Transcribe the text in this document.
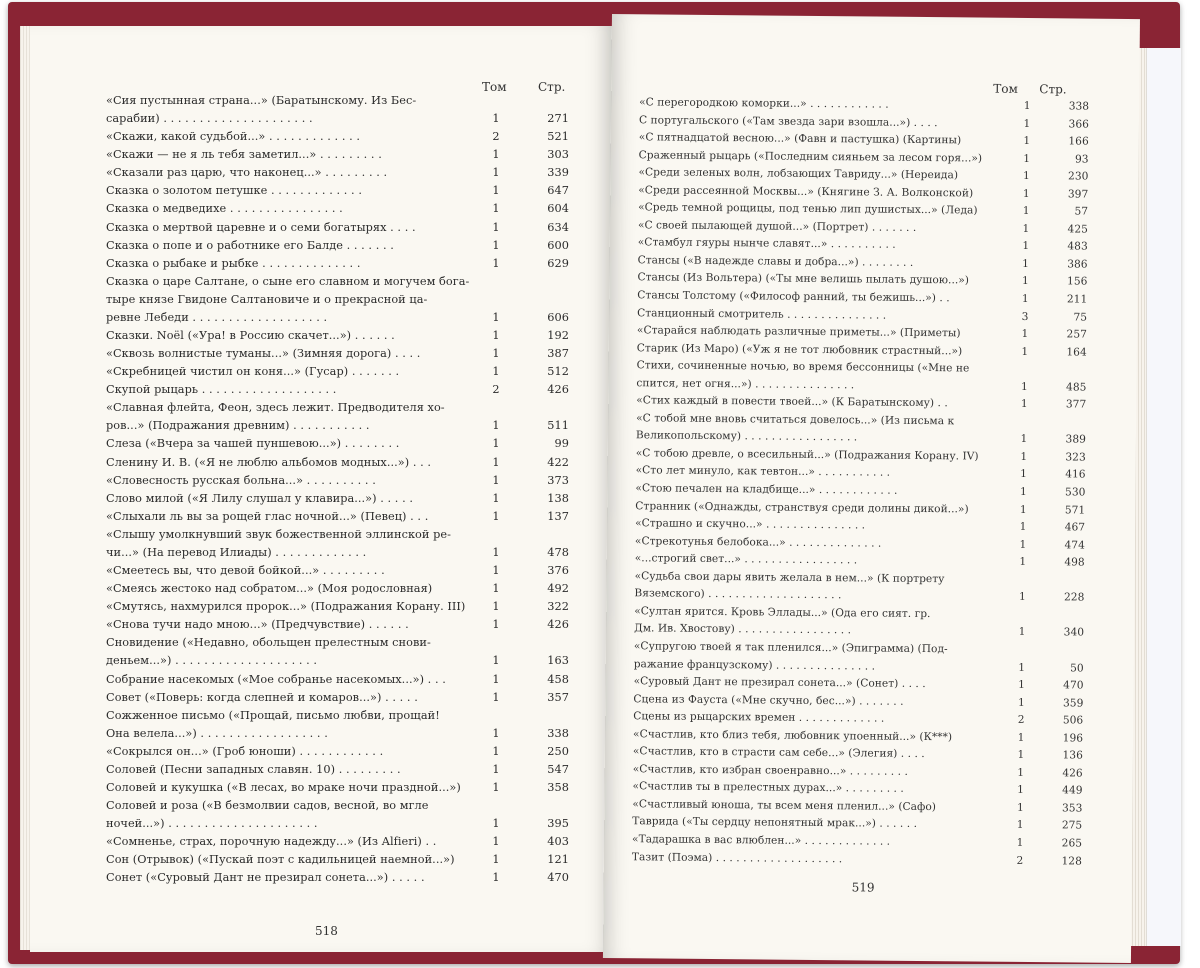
Том	Стр.
«Сия пустынная страна...» (Баратынскому. Из Бес-
сарабии) . . . . . . . . . . . . . . . . . . . . .	1	271
«Скажи, какой судьбой...» . . . . . . . . . . . . .	2	521
«Скажи — не я ль тебя заметил...» . . . . . . . . .	1	303
«Сказали раз царю, что наконец...» . . . . . . . . .	1	339
Сказка о золотом петушке . . . . . . . . . . . . .	1	647
Сказка о медведихе . . . . . . . . . . . . . . . .	1	604
Сказка о мертвой царевне и о семи богатырях . . . .	1	634
Сказка о попе и о работнике его Балде . . . . . . .	1	600
Сказка о рыбаке и рыбке . . . . . . . . . . . . . .	1	629
Сказка о царе Салтане, о сыне его славном и могучем бога-
тыре князе Гвидоне Салтановиче и о прекрасной ца-
ревне Лебеди . . . . . . . . . . . . . . . . . . .	1	606
Сказки. Noël («Ура! в Россию скачет...») . . . . . .	1	192
«Сквозь волнистые туманы...» (Зимняя дорога) . . . .	1	387
«Скребницей чистил он коня...» (Гусар) . . . . . . .	1	512
Скупой рыцарь . . . . . . . . . . . . . . . . . . .	2	426
«Славная флейта, Феон, здесь лежит. Предводителя хо-
ров...» (Подражания древним) . . . . . . . . . . .	1	511
Слеза («Вчера за чашей пуншевою...») . . . . . . . .	1	99
Сленину И. В. («Я не люблю альбомов модных...») . . .	1	422
«Словесность русская больна...» . . . . . . . . . .	1	373
Слово милой («Я Лилу слушал у клавира...») . . . . .	1	138
«Слыхали ль вы за рощей глас ночной...» (Певец) . . .	1	137
«Слышу умолкнувший звук божественной эллинской ре-
чи...» (На перевод Илиады) . . . . . . . . . . . . .	1	478
«Смеетесь вы, что девой бойкой...» . . . . . . . . .	1	376
«Смеясь жестоко над собратом...» (Моя родословная)	1	492
«Смутясь, нахмурился пророк...» (Подражания Корану. III)	1	322
«Снова тучи надо мною...» (Предчувствие) . . . . . .	1	426
Сновидение («Недавно, обольщен прелестным снови-
деньем...») . . . . . . . . . . . . . . . . . . . .	1	163
Собрание насекомых («Мое собранье насекомых...») . . .	1	458
Совет («Поверь: когда слепней и комаров...») . . . . .	1	357
Сожженное письмо («Прощай, письмо любви, прощай!
Она велела...») . . . . . . . . . . . . . . . . . .	1	338
«Сокрылся он...» (Гроб юноши) . . . . . . . . . . . .	1	250
Соловей (Песни западных славян. 10) . . . . . . . . .	1	547
Соловей и кукушка («В лесах, во мраке ночи праздной...»)	1	358
Соловей и роза («В безмолвии садов, весной, во мгле
ночей...») . . . . . . . . . . . . . . . . . . . . .	1	395
«Сомненье, страх, порочную надежду...» (Из Alfieri) . .	1	403
Сон (Отрывок) («Пускай поэт с кадильницей наемной...»)	1	121
Сонет («Суровый Дант не презирал сонета...») . . . . .	1	470
518
Том Стр.
«С перегородкою коморки...» . . . . . . . . . . . .	1	338
С португальского («Там звезда зари взошла...») . . . .	1	366
«С пятнадцатой весною...» (Фавн и пастушка) (Картины)	1	166
Сраженный рыцарь («Последним сияньем за лесом горя...»)	1	93
«Среди зеленых волн, лобзающих Тавриду...» (Нереида)	1	230
«Среди рассеянной Москвы...» (Княгине З. А. Волконской)	1	397
«Средь темной рощицы, под тенью лип душистых...» (Леда)	1	57
«С своей пылающей душой...» (Портрет) . . . . . . .	1	425
«Стамбул гяуры нынче славят...» . . . . . . . . . .	1	483
Стансы («В надежде славы и добра...») . . . . . . . .	1	386
Стансы (Из Вольтера) («Ты мне велишь пылать душою...»)	1	156
Стансы Толстому («Философ ранний, ты бежишь...») . .	1	211
Станционный смотритель . . . . . . . . . . . . . . .	3	75
«Старайся наблюдать различные приметы...» (Приметы)	1	257
Старик (Из Маро) («Уж я не тот любовник страстный...»)	1	164
Стихи, сочиненные ночью, во время бессонницы («Мне не
спится, нет огня...») . . . . . . . . . . . . . . .	1	485
«Стих каждый в повести твоей...» (К Баратынскому) . .	1	377
«С тобой мне вновь считаться довелось...» (Из письма к
Великопольскому) . . . . . . . . . . . . . . . . .	1	389
«С тобою древле, о всесильный...» (Подражания Корану. IV)	1	323
«Сто лет минуло, как тевтон...» . . . . . . . . . . .	1	416
«Стою печален на кладбище...» . . . . . . . . . . . .	1	530
Странник («Однажды, странствуя среди долины дикой...»)	1	571
«Страшно и скучно...» . . . . . . . . . . . . . . .	1	467
«Стрекотунья белобока...» . . . . . . . . . . . . . .	1	474
«...строгий свет...» . . . . . . . . . . . . . . . . .	1	498
«Судьба свои дары явить желала в нем...» (К портрету
Вяземского) . . . . . . . . . . . . . . . . . . . .	1	228
«Султан ярится. Кровь Эллады...» (Ода его сият. гр.
Дм. Ив. Хвостову) . . . . . . . . . . . . . . . . .	1	340
«Супругою твоей я так пленился...» (Эпиграмма) (Под-
ражание французскому) . . . . . . . . . . . . . . .	1	50
«Суровый Дант не презирал сонета...» (Сонет) . . . .	1	470
Сцена из Фауста («Мне скучно, бес...») . . . . . . .	1	359
Сцены из рыцарских времен . . . . . . . . . . . . .	2	506
«Счастлив, кто близ тебя, любовник упоенный...» (К***)	1	196
«Счастлив, кто в страсти сам себе...» (Элегия) . . . .	1	136
«Счастлив, кто избран своенравно...» . . . . . . . . .	1	426
«Счастлив ты в прелестных дурах...» . . . . . . . . .	1	449
«Счастливый юноша, ты всем меня пленил...» (Сафо)	1	353
Таврида («Ты сердцу непонятный мрак...») . . . . . .	1	275
«Тадарашка в вас влюблен...» . . . . . . . . . . . . .	1	265
Тазит (Поэма) . . . . . . . . . . . . . . . . . . .	2	128
519
